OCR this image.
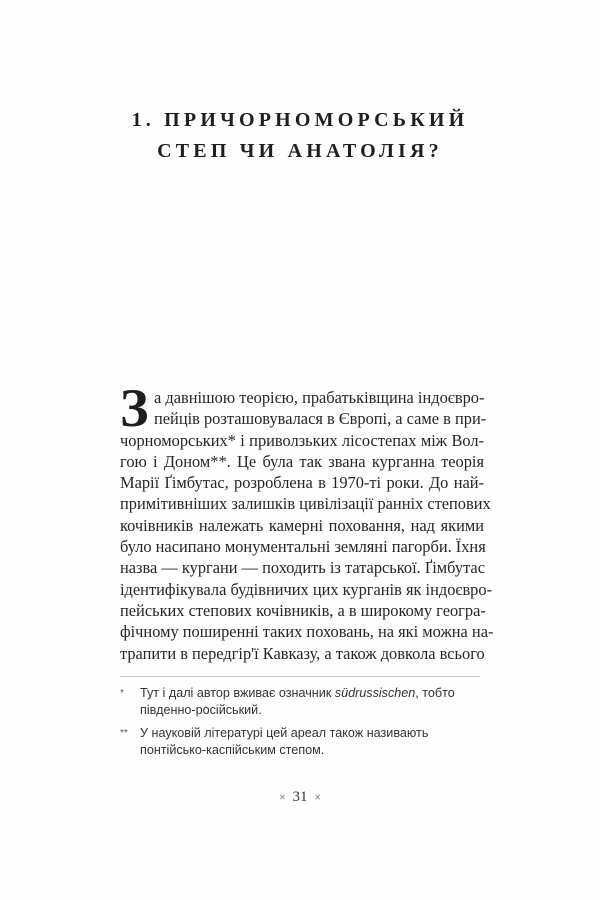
1. ПРИЧОРНОМОРСЬКИЙ
СТЕП ЧИ АНАТОЛІЯ?
З а давнішою теорією, прабатьківщина індоєвро-
пейців розташовувалася в Європі, а саме в при-
чорноморських* і приволзьких лісостепах між Вол-
гою і Доном**. Це була так звана курганна теорія
Марії Ґімбутас, розроблена в 1970-ті роки. До най-
примітивніших залишків цивілізації ранніх степових
кочівників належать камерні поховання, над якими
було насипано монументальні земляні пагорби. Їхня
назва — кургани — походить із татарської. Ґімбутас
ідентифікувала будівничих цих курганів як індоєвро-
пейських степових кочівників, а в широкому геогра-
фічному поширенні таких поховань, на які можна на-
трапити в передгір'ї Кавказу, а також довкола всього
* Тут і далі автор вживає означник südrussischen, тобто південно-російський.
** У науковій літературі цей ареал також називають понтійсько-каспійським степом.
× 31 ×
